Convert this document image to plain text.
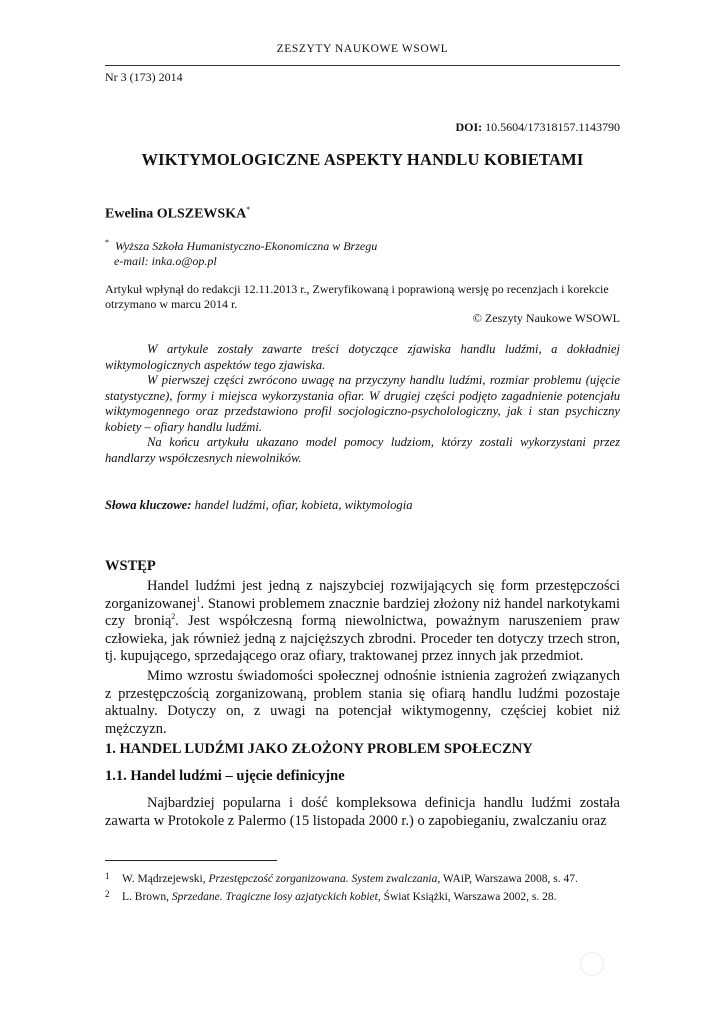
ZESZYTY NAUKOWE WSOWL
Nr 3 (173) 2014
DOI: 10.5604/17318157.1143790
WIKTYMOLOGICZNE ASPEKTY HANDLU KOBIETAMI
Ewelina OLSZEWSKA*
* Wyższa Szkoła Humanistyczno-Ekonomiczna w Brzegu
e-mail: inka.o@op.pl
Artykuł wpłynął do redakcji 12.11.2013 r., Zweryfikowaną i poprawioną wersję po recenzjach i korekcie otrzymano w marcu 2014 r.
© Zeszyty Naukowe WSOWL

W artykule zostały zawarte treści dotyczące zjawiska handlu ludźmi, a dokładniej wiktymologicznych aspektów tego zjawiska.

W pierwszej części zwrócono uwagę na przyczyny handlu ludźmi, rozmiar problemu (ujęcie statystyczne), formy i miejsca wykorzystania ofiar. W drugiej części podjęto zagadnienie potencjału wiktymogennego oraz przedstawiono profil socjologiczno-psycholologiczny, jak i stan psychiczny kobiety – ofiary handlu ludźmi.

Na końcu artykułu ukazano model pomocy ludziom, którzy zostali wykorzystani przez handlarzy współczesnych niewolników.

Słowa kluczowe: handel ludźmi, ofiar, kobieta, wiktymologia
WSTĘP

Handel ludźmi jest jedną z najszybciej rozwijających się form przestępczości zorganizowanej$^1$. Stanowi problemem znacznie bardziej złożony niż handel narkotykami czy bronią$^2$. Jest współczesną formą niewolnictwa, poważnym naruszeniem praw człowieka, jak również jedną z najcięższych zbrodni. Proceder ten dotyczy trzech stron, tj. kupującego, sprzedającego oraz ofiary, traktowanej przez innych jak przedmiot.

Mimo wzrostu świadomości społecznej odnośnie istnienia zagrożeń związanych z przestępczością zorganizowaną, problem stania się ofiarą handlu ludźmi pozostaje aktualny. Dotyczy on, z uwagi na potencjał wiktymogenny, częściej kobiet niż mężczyzn.

1. HANDEL LUDŹMI JAKO ZŁOŻONY PROBLEM SPOŁECZNY
1.1. Handel ludźmi – ujęcie definicyjne

Najbardziej popularna i dość kompleksowa definicja handlu ludźmi została zawarta w Protokole z Palermo (15 listopada 2000 r.) o zapobieganiu, zwalczaniu oraz

1 W. Mądrzejewski, Przestępczość zorganizowana. System zwalczania, WAiP, Warszawa 2008, s. 47.
2 L. Brown, Sprzedane. Tragiczne losy azjatyckich kobiet, Świat Książki, Warszawa 2002, s. 28.
